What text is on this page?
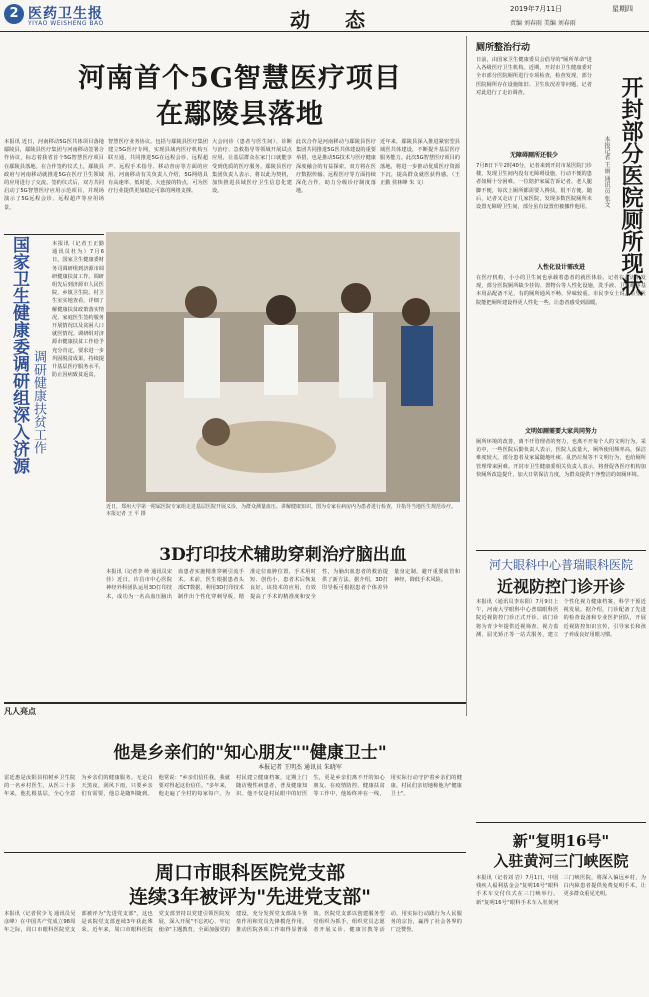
2 医药卫生报
YIYAO WEISHENG BAO	动 态	2019年7月11日	星期四
责编 刘春雨 美编 刘春雨
河南首个5G智慧医疗项目
在鄢陵县落地
本报讯 近日，河南移动5G医共体项目落地鄢陵县，鄢陵县医疗集团与河南移动签署合作协议，标志着我省首个5G智慧医疗项目在鄢陵县落地。在合作签约仪式上，鄢陵县政府与河南移动就推进5G在医疗卫生领域的应用进行了交流。签约仪式后，双方共同启动了5G智慧医疗应用示范项目，并现场演示了5G远程会诊、远程超声等应用场景。
智慧医疗业务协议。包括与鄢陵县医疗集团建立5G医疗专网，实现县域内医疗机构互联互通，共同推进5G在远程会诊、远程超声、远程手术指导、移动查房等方面的应用。河南移动有关负责人介绍，5G网络具有高速率、低时延、大连接的特点，可为医疗行业提供更加稳定可靠的网络支撑。
大会问诊（患者与医生间）、诊断与治疗、急救指导等领域开展试点应用，让基层群众在家门口就能享受到优质的医疗服务。鄢陵县医疗集团负责人表示，将以此为契机，加快推进县域医疗卫生信息化建设。
此次合作是河南移动与鄢陵县医疗集团共同推进5G医共体建设的重要举措，也是推动5G技术与医疗健康深度融合的有益探索。双方将在医疗数据传输、远程医疗等方面持续深化合作，助力分级诊疗制度落地。
近年来，鄢陵县深入推进紧密型县域医共体建设，不断提升基层医疗服务能力。此次5G智慧医疗项目的落地，将进一步推动优质医疗资源下沉，提高群众就医获得感。（王正勤 侯林峰 朱 文）
国家卫生健康委调研组深入济源 调研健康扶贫工作
本报讯（记者王正勤 通讯员杜为）7月6日，国家卫生健康委财务司调研组到济源市调研健康扶贫工作。调研组先后到济源市人民医院、乡镇卫生院、村卫生室实地查看，详细了解健康扶贫政策落实情况、家庭医生签约服务开展情况以及贫困人口就医情况。调研组对济源市健康扶贫工作给予充分肯定，要求进一步巩固脱贫成果，持续提升基层医疗服务水平，防止因病致贫返贫。
近日，郑州大学第一附属医院专家组走进基层医院开展义诊，为群众测量血压、讲解健康知识。图为专家在病房内为患者进行检查，并指导当地医生规范诊疗。 本报记者 王 平 摄
3D打印技术辅助穿刺治疗脑出血
本报讯（记者李 岭 通讯员宋佳）近日，许昌市中心医院神经外科团队运用3D打印技术，成功为一名高血压脑出血患者实施精准穿刺引流手术。术前，医生根据患者头部CT数据，利用3D打印技术制作出个性化穿刺导板，精准定位血肿位置，手术用时短、创伤小，患者术后恢复良好。该技术的应用，有效提高了手术的精准度和安全性，为脑出血患者的救治提供了新方法。据介绍，3D打印导板可根据患者个体差异量身定制，避开重要血管和神经，降低手术风险。
厕所整治行动
日前，由国家卫生健康委员会倡导的"厕所革命"进入各级医疗卫生机构。近期，开封市卫生健康委对全市部分医院厕所进行专项检查，检查发现，部分医院厕所存在设施陈旧、卫生状况差等问题，记者对此进行了走访调查。	开封部分医院厕所现状
本报记者 王丽 通讯员 张文
无障碍厕所还很少
7月8日下午2时40分，记者来到开封市某医院门诊楼，发现卫生间内没有无障碍设施，行动不便的患者如厕十分困难。一位陪护家属告诉记者，老人腿脚不便，每次上厕所都需要人搀扶，很不方便。随后，记者又走访了几家医院，发现多数医院厕所未设置无障碍卫生间，部分虽有设置但被挪作他用。
人性化设计需改进
在医疗机构，小小的卫生间也承载着患者的就医体验。记者在走访中发现，部分医院厕所缺少挂钩、置物台等人性化设施，洗手液、卫生纸等基本用品配备不足，有的厕所通风不畅、异味较重。市民李女士说，希望医院能把厕所建设得更人性化一些，让患者感受到温暖。
文明如厕需要大家共同努力
厕所环境的改善，离不开管理者的努力，也离不开每个人的文明行为。采访中，一些医院后勤负责人表示，医院人流量大，厕所使用频率高，保洁难度较大。部分患者及家属随地吐痰、乱扔垃圾等不文明行为，也给厕所管理带来困难。开封市卫生健康委相关负责人表示，将督促各医疗机构加快厕所改造提升，加大日常保洁力度，为群众提供干净整洁的如厕环境。
河大眼科中心普瑞眼科医院
近视防控门诊开诊
本报讯（通讯员李东阳）7月9日上午，河南大学眼科中心普瑞眼科医院近视防控门诊正式开诊。该门诊将为青少年提供近视筛查、视力监测、屈光矫正等一站式服务，建立个性化视力健康档案，科学干预近视发展。据介绍，门诊配备了先进的检查设备和专业医护团队，开展近视防控知识宣传，引导家长和孩子养成良好用眼习惯。
新"复明16号"
入驻黄河三门峡医院
本报讯（记者刘 岩）7月1日，中国残疾人福利基金会"复明16号"眼科手术车交付仪式在三门峡举行。新"复明16号"眼科手术车入驻黄河三门峡医院，将深入偏远乡村，为白内障患者提供免费复明手术，让更多群众重见光明。
凡人亮点
他是乡亲们的"知心朋友""健康卫士"
本报记者 王明杰 通讯员 朱晓军
雷廷惠是汝阳县柏树乡卫生院的一名乡村医生，从医三十多年来，他扎根基层，全心全意为乡亲们的健康服务。无论白天黑夜，刮风下雨，只要乡亲们有需要，他总是随叫随到。他常说："乡亲们信任我，我就要对得起这份信任。"多年来，他走遍了全村的每家每户，为村民建立健康档案，定期上门随访慢性病患者，普及健康知识。他不仅是村民眼中的好医生，更是乡亲们离不开的知心朋友。在疫情防控、健康扶贫等工作中，他始终冲在一线，用实际行动守护着乡亲们的健康。村民们亲切地称他为"健康卫士"。
周口市眼科医院党支部
连续3年被评为"先进党支部"
本报讯（记者侯少飞 通讯员吴彦峰）在中国共产党成立98周年之际，周口市眼科医院党支部被评为"先进党支部"，这也是该院党支部连续3年获此殊荣。近年来，周口市眼科医院党支部坚持以党建引领医院发展，深入开展"不忘初心、牢记使命"主题教育，全面加强党的建设，充分发挥党支部战斗堡垒作用和党员先锋模范作用，推动医院各项工作取得显著成效。医院党支部以创建服务型党组织为抓手，组织党员志愿者开展义诊、健康宣教等活动，用实际行动践行为人民服务的宗旨，赢得了社会各界的广泛赞誉。
